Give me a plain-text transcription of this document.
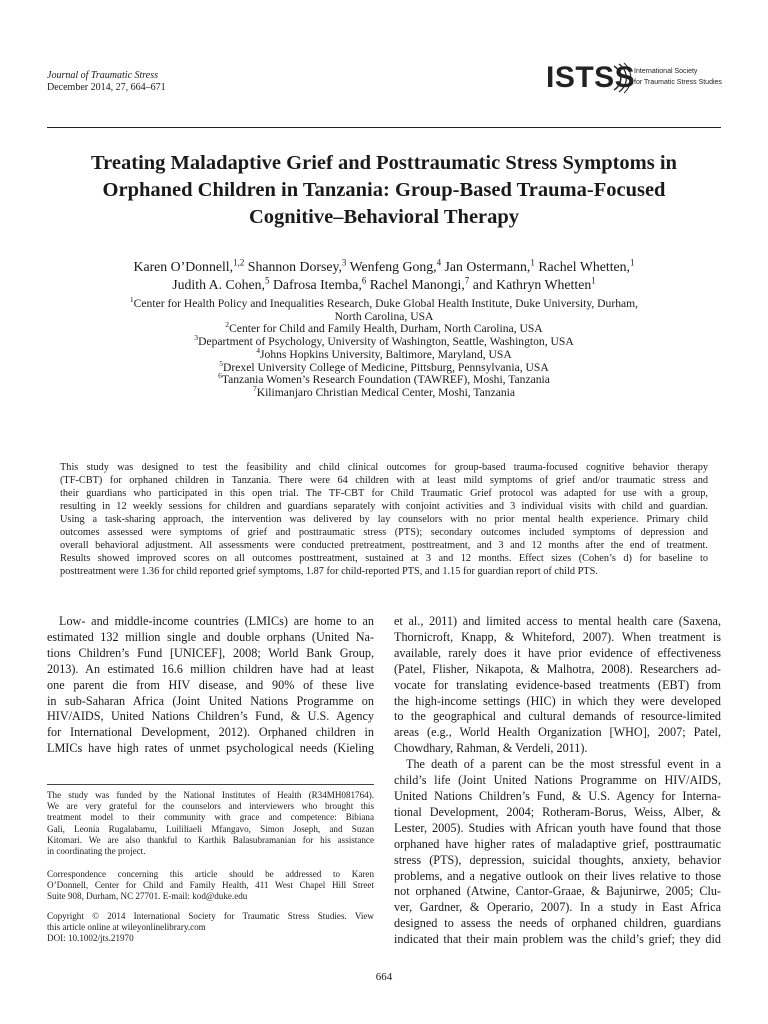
Journal of Traumatic Stress
December 2014, 27, 664–671	ISTSS
International Society
for Traumatic Stress Studies
Treating Maladaptive Grief and Posttraumatic Stress Symptoms in
Orphaned Children in Tanzania: Group-Based Trauma-Focused
Cognitive–Behavioral Therapy
Karen O’Donnell,$^{1,2}$ Shannon Dorsey,$^3$ Wenfeng Gong,$^4$ Jan Ostermann,$^1$ Rachel Whetten,$^1$
Judith A. Cohen,$^5$ Dafrosa Itemba,$^6$ Rachel Manongi,$^7$ and Kathryn Whetten$^1$
$^1$Center for Health Policy and Inequalities Research, Duke Global Health Institute, Duke University, Durham,
North Carolina, USA
$^2$Center for Child and Family Health, Durham, North Carolina, USA
$^3$Department of Psychology, University of Washington, Seattle, Washington, USA
$^4$Johns Hopkins University, Baltimore, Maryland, USA
$^5$Drexel University College of Medicine, Pittsburg, Pennsylvania, USA
$^6$Tanzania Women’s Research Foundation (TAWREF), Moshi, Tanzania
$^7$Kilimanjaro Christian Medical Center, Moshi, Tanzania
This study was designed to test the feasibility and child clinical outcomes for group-based trauma-focused cognitive behavior therapy
(TF-CBT) for orphaned children in Tanzania. There were 64 children with at least mild symptoms of grief and/or traumatic stress and
their guardians who participated in this open trial. The TF-CBT for Child Traumatic Grief protocol was adapted for use with a group,
resulting in 12 weekly sessions for children and guardians separately with conjoint activities and 3 individual visits with child and guardian.
Using a task-sharing approach, the intervention was delivered by lay counselors with no prior mental health experience. Primary child
outcomes assessed were symptoms of grief and posttraumatic stress (PTS); secondary outcomes included symptoms of depression and
overall behavioral adjustment. All assessments were conducted pretreatment, posttreatment, and 3 and 12 months after the end of treatment.
Results showed improved scores on all outcomes posttreatment, sustained at 3 and 12 months. Effect sizes (Cohen’s d) for baseline to
posttreatment were 1.36 for child reported grief symptoms, 1.87 for child-reported PTS, and 1.15 for guardian report of child PTS.
Low- and middle-income countries (LMICs) are home to an
estimated 132 million single and double orphans (United Na-
tions Children’s Fund [UNICEF], 2008; World Bank Group,
2013). An estimated 16.6 million children have had at least
one parent die from HIV disease, and 90% of these live
in sub-Saharan Africa (Joint United Nations Programme on
HIV/AIDS, United Nations Children’s Fund, & U.S. Agency
for International Development, 2012). Orphaned children in
LMICs have high rates of unmet psychological needs (Kieling
et al., 2011) and limited access to mental health care (Saxena,
Thornicroft, Knapp, & Whiteford, 2007). When treatment is
available, rarely does it have prior evidence of effectiveness
(Patel, Flisher, Nikapota, & Malhotra, 2008). Researchers ad-
vocate for translating evidence-based treatments (EBT) from
the high-income settings (HIC) in which they were developed
to the geographical and cultural demands of resource-limited
areas (e.g., World Health Organization [WHO], 2007; Patel,
Chowdhary, Rahman, & Verdeli, 2011).
The death of a parent can be the most stressful event in a
child’s life (Joint United Nations Programme on HIV/AIDS,
United Nations Children’s Fund, & U.S. Agency for Interna-
tional Development, 2004; Rotheram-Borus, Weiss, Alber, &
Lester, 2005). Studies with African youth have found that those
orphaned have higher rates of maladaptive grief, posttraumatic
stress (PTS), depression, suicidal thoughts, anxiety, behavior
problems, and a negative outlook on their lives relative to those
not orphaned (Atwine, Cantor-Graae, & Bajunirwe, 2005; Clu-
ver, Gardner, & Operario, 2007). In a study in East Africa
designed to assess the needs of orphaned children, guardians
indicated that their main problem was the child’s grief; they did
The study was funded by the National Institutes of Health (R34MH081764).
We are very grateful for the counselors and interviewers who brought this
treatment model to their community with grace and competence: Bibiana
Gali, Leonia Rugalabamu, Luililiaeli Mfangavo, Simon Joseph, and Suzan
Kitomari. We are also thankful to Karthik Balasubramanian for his assistance
in coordinating the project.
Correspondence concerning this article should be addressed to Karen
O’Donnell, Center for Child and Family Health, 411 West Chapel Hill Street
Suite 908, Durham, NC 27701. E-mail: kod@duke.edu
Copyright © 2014 International Society for Traumatic Stress Studies. View
this article online at wileyonlinelibrary.com
DOI: 10.1002/jts.21970
664
